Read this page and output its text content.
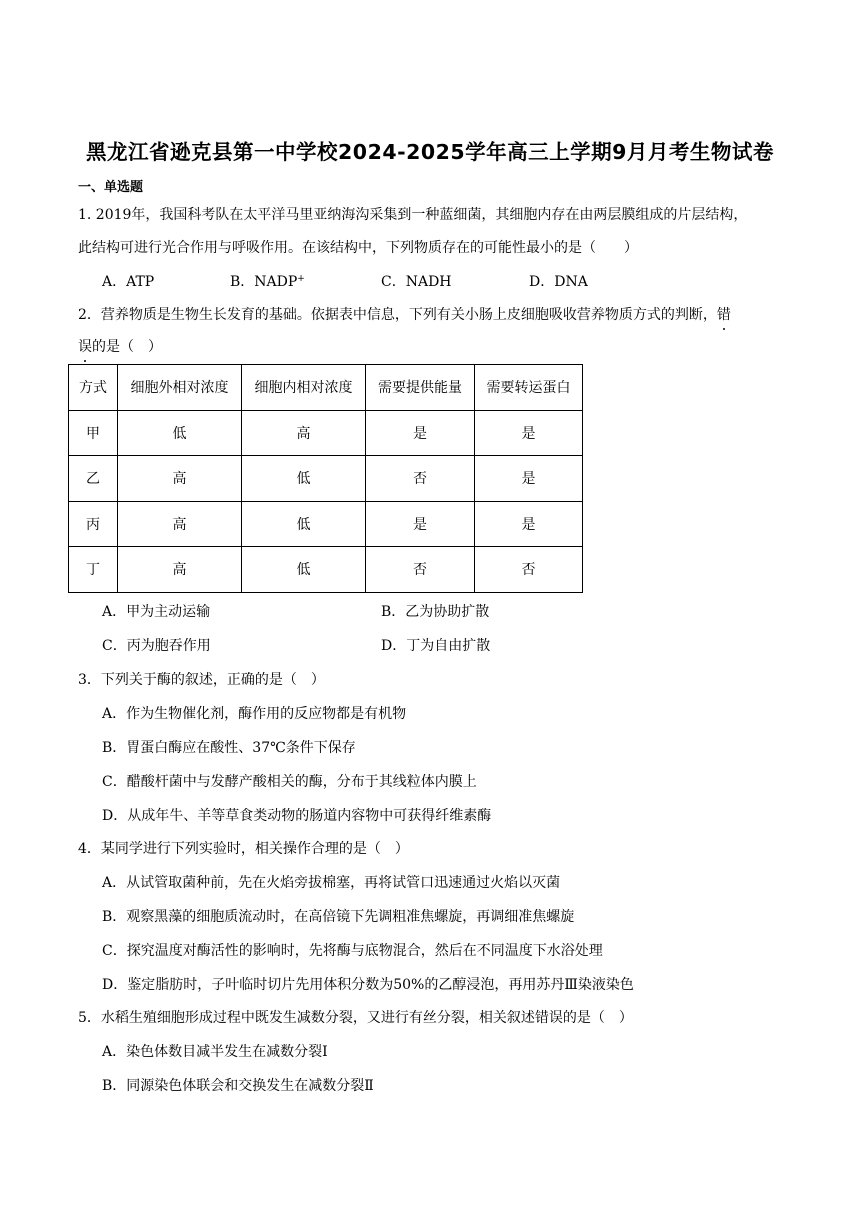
黑龙江省逊克县第一中学校2024-2025学年高三上学期9月月考生物试卷
一、单选题
1. 2019年，我国科考队在太平洋马里亚纳海沟采集到一种蓝细菌，其细胞内存在由两层膜组成的片层结构，
此结构可进行光合作用与呼吸作用。在该结构中，下列物质存在的可能性最小的是（　　）
A．ATP	B．NADP+	C．NADH	D．DNA
2．营养物质是生物生长发育的基础。依据表中信息，下列有关小肠上皮细胞吸收营养物质方式的判断，错
误的是（　）
方式	细胞外相对浓度	细胞内相对浓度	需要提供能量	需要转运蛋白
甲	低	高	是	是
乙	高	低	否	是
丙	高	低	是	是
丁	高	低	否	否
A．甲为主动运输	B．乙为协助扩散
C．丙为胞吞作用	D．丁为自由扩散
3．下列关于酶的叙述，正确的是（　）
A．作为生物催化剂，酶作用的反应物都是有机物
B．胃蛋白酶应在酸性、37℃条件下保存
C．醋酸杆菌中与发酵产酸相关的酶，分布于其线粒体内膜上
D．从成年牛、羊等草食类动物的肠道内容物中可获得纤维素酶
4．某同学进行下列实验时，相关操作合理的是（　）
A．从试管取菌种前，先在火焰旁拔棉塞，再将试管口迅速通过火焰以灭菌
B．观察黑藻的细胞质流动时，在高倍镜下先调粗准焦螺旋，再调细准焦螺旋
C．探究温度对酶活性的影响时，先将酶与底物混合，然后在不同温度下水浴处理
D．鉴定脂肪时，子叶临时切片先用体积分数为50%的乙醇浸泡，再用苏丹Ⅲ染液染色
5．水稻生殖细胞形成过程中既发生减数分裂，又进行有丝分裂，相关叙述错误的是（　）
A．染色体数目减半发生在减数分裂Ⅰ
B．同源染色体联会和交换发生在减数分裂Ⅱ
